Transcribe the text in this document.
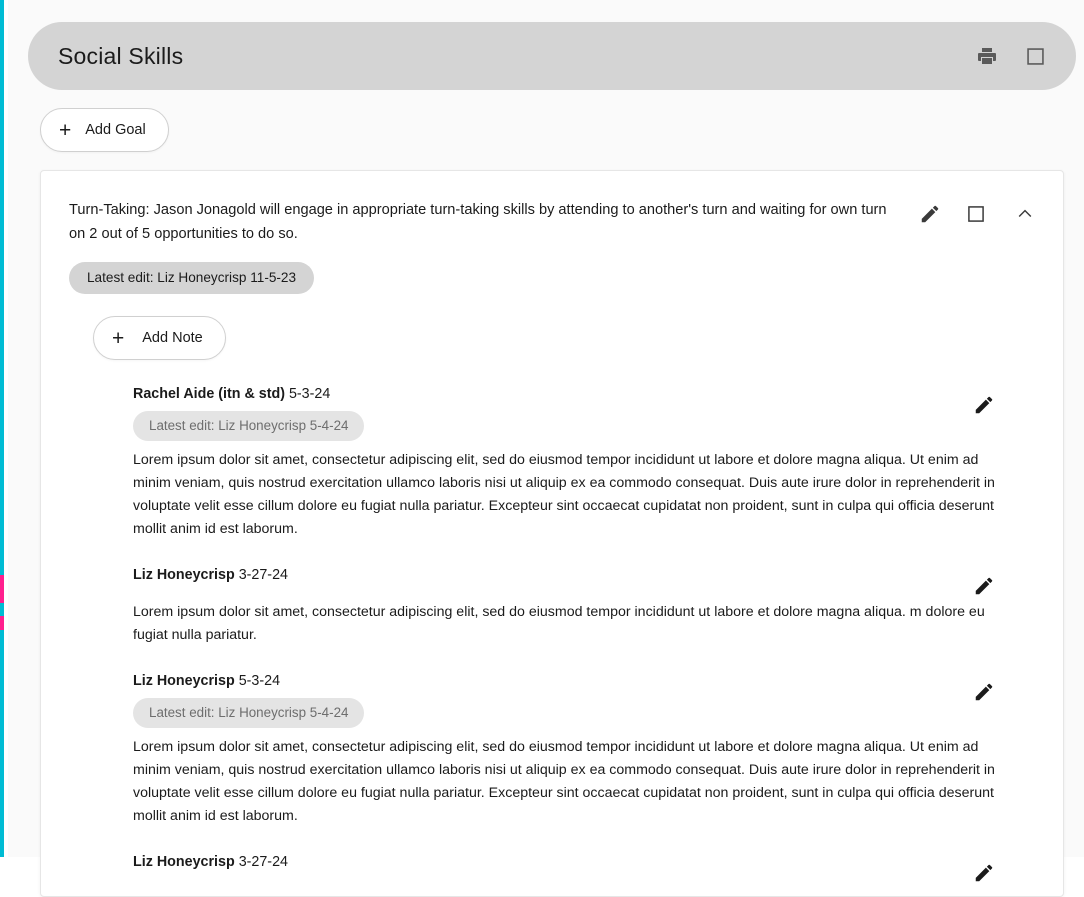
Social Skills
+ Add Goal
Turn-Taking: Jason Jonagold will engage in appropriate turn-taking skills by attending to another's turn and waiting for own turn on 2 out of 5 opportunities to do so.
Latest edit: Liz Honeycrisp 11-5-23
+ Add Note
Rachel Aide (itn & std) 5-3-24
Latest edit: Liz Honeycrisp 5-4-24
Lorem ipsum dolor sit amet, consectetur adipiscing elit, sed do eiusmod tempor incididunt ut labore et dolore magna aliqua. Ut enim ad minim veniam, quis nostrud exercitation ullamco laboris nisi ut aliquip ex ea commodo consequat. Duis aute irure dolor in reprehenderit in voluptate velit esse cillum dolore eu fugiat nulla pariatur. Excepteur sint occaecat cupidatat non proident, sunt in culpa qui officia deserunt mollit anim id est laborum.
Liz Honeycrisp 3-27-24
Lorem ipsum dolor sit amet, consectetur adipiscing elit, sed do eiusmod tempor incididunt ut labore et dolore magna aliqua. m dolore eu fugiat nulla pariatur.
Liz Honeycrisp 5-3-24
Latest edit: Liz Honeycrisp 5-4-24
Lorem ipsum dolor sit amet, consectetur adipiscing elit, sed do eiusmod tempor incididunt ut labore et dolore magna aliqua. Ut enim ad minim veniam, quis nostrud exercitation ullamco laboris nisi ut aliquip ex ea commodo consequat. Duis aute irure dolor in reprehenderit in voluptate velit esse cillum dolore eu fugiat nulla pariatur. Excepteur sint occaecat cupidatat non proident, sunt in culpa qui officia deserunt mollit anim id est laborum.
Liz Honeycrisp 3-27-24
